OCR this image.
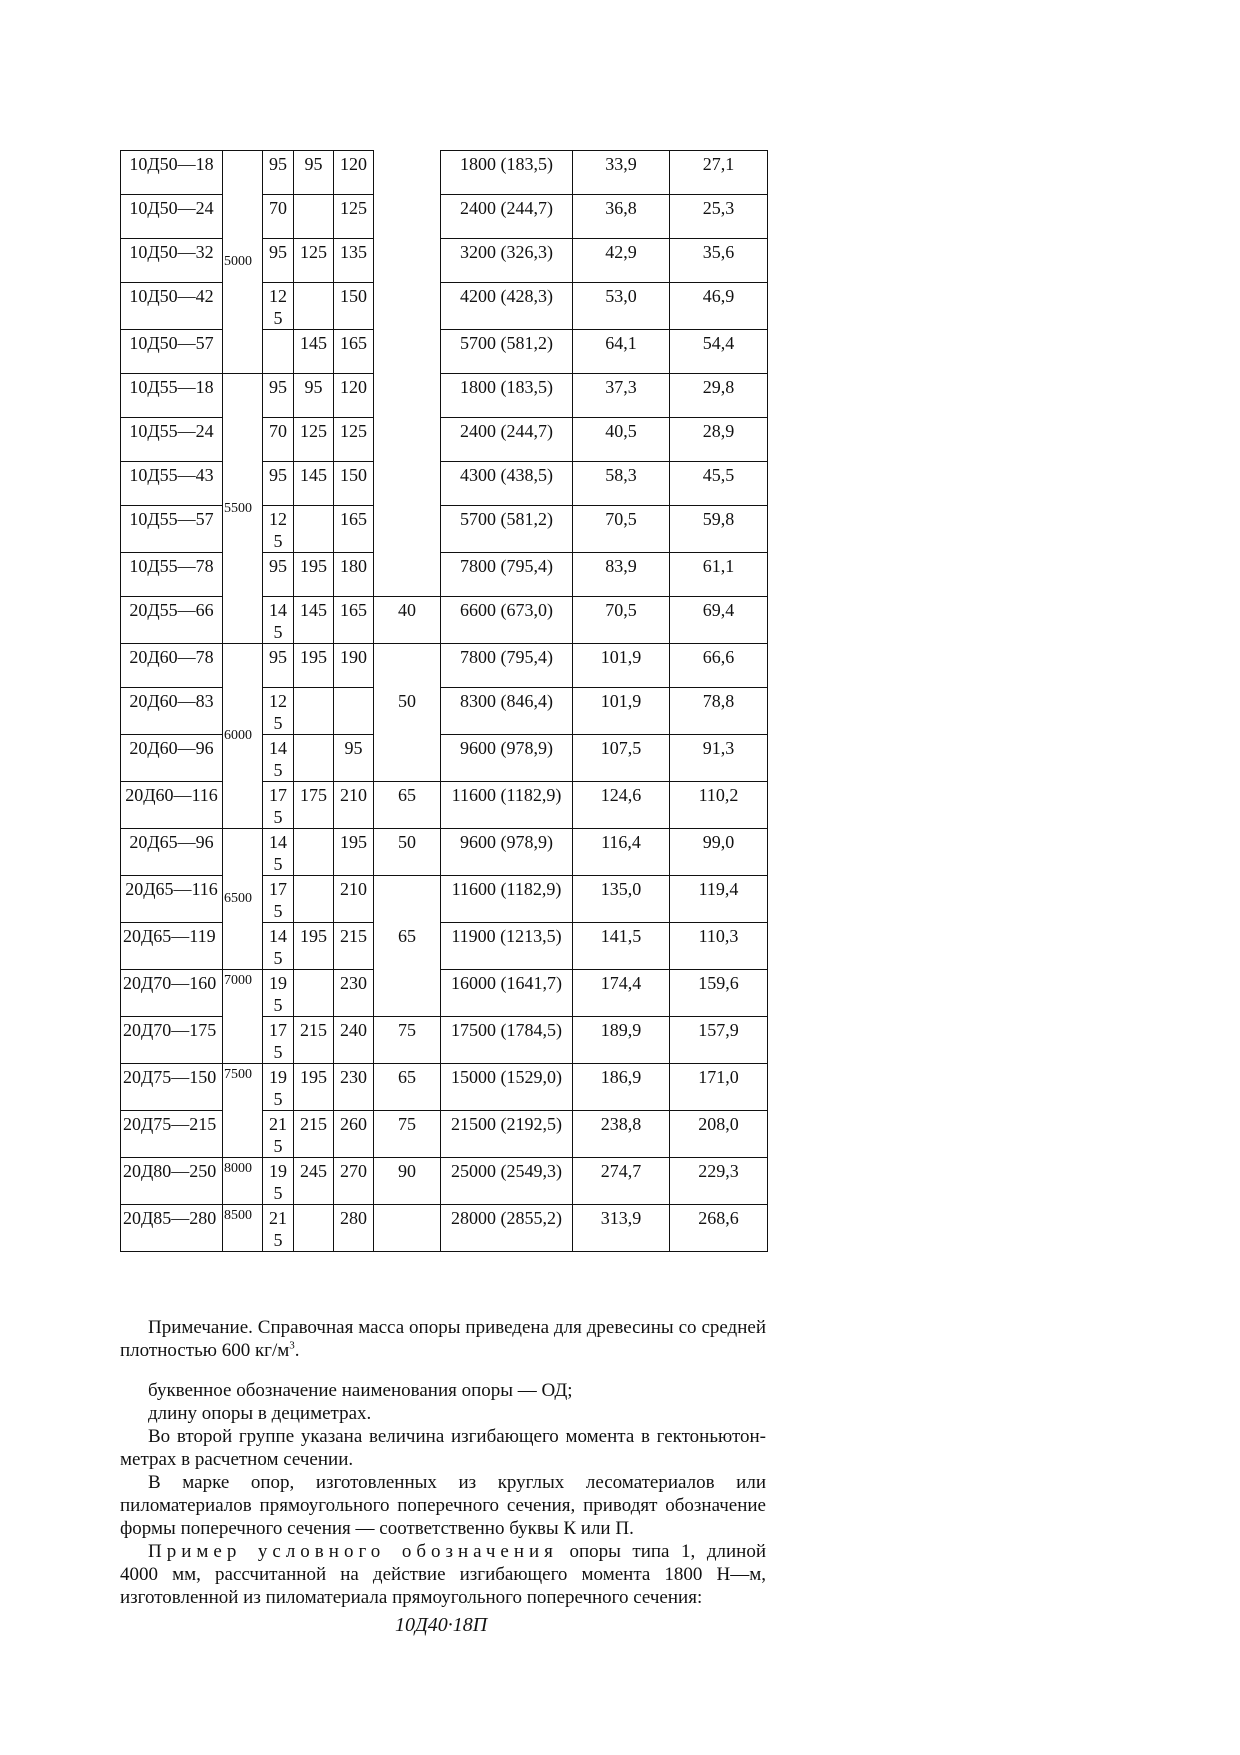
10Д50—18	5000	95	95	120		1800 (183,5)	33,9	27,1
10Д50—24		70		125		2400 (244,7)	36,8	25,3
10Д50—32		95	125	135		3200 (326,3)	42,9	35,6
10Д50—42		125		150		4200 (428,3)	53,0	46,9
10Д50—57			145	165		5700 (581,2)	64,1	54,4
10Д55—18	5500	95	95	120		1800 (183,5)	37,3	29,8
10Д55—24		70	125	125		2400 (244,7)	40,5	28,9
10Д55—43		95	145	150		4300 (438,5)	58,3	45,5
10Д55—57		125		165		5700 (581,2)	70,5	59,8
10Д55—78		95	195	180		7800 (795,4)	83,9	61,1
20Д55—66		145	145	165	40	6600 (673,0)	70,5	69,4
20Д60—78	6000	95	195	190		7800 (795,4)	101,9	66,6
20Д60—83		125			50	8300 (846,4)	101,9	78,8
20Д60—96		145		95		9600 (978,9)	107,5	91,3
20Д60—116		175	175	210	65	11600 (1182,9)	124,6	110,2
20Д65—96	6500	145		195	50	9600 (978,9)	116,4	99,0
20Д65—116		175		210		11600 (1182,9)	135,0	119,4
20Д65—119		145	195	215	65	11900 (1213,5)	141,5	110,3
20Д70—160	7000	195		230		16000 (1641,7)	174,4	159,6
20Д70—175		175	215	240	75	17500 (1784,5)	189,9	157,9
20Д75—150	7500	195	195	230	65	15000 (1529,0)	186,9	171,0
20Д75—215		215	215	260	75	21500 (2192,5)	238,8	208,0
20Д80—250	8000	195	245	270	90	25000 (2549,3)	274,7	229,3
20Д85—280	8500	215		280		28000 (2855,2)	313,9	268,6

Примечание. Справочная масса опоры приведена для древесины со средней плотностью 600 $кг/м^3$.

буквенное обозначение наименования опоры — ОД;

длину опоры в дециметрах.

Во второй группе указана величина изгибающего момента в гектоньютон-метрах в расчетном сечении.

В марке опор, изготовленных из круглых лесоматериалов или пиломатериалов прямоугольного поперечного сечения, приводят обозначение формы поперечного сечения — соответственно буквы К или П.

Пример условного обозначения опоры типа 1, длиной 4000 мм, рассчитанной на действие изгибающего момента 1800 Н—м, изготовленной из пиломатериала прямоугольного поперечного сечения:

10Д40·18П
